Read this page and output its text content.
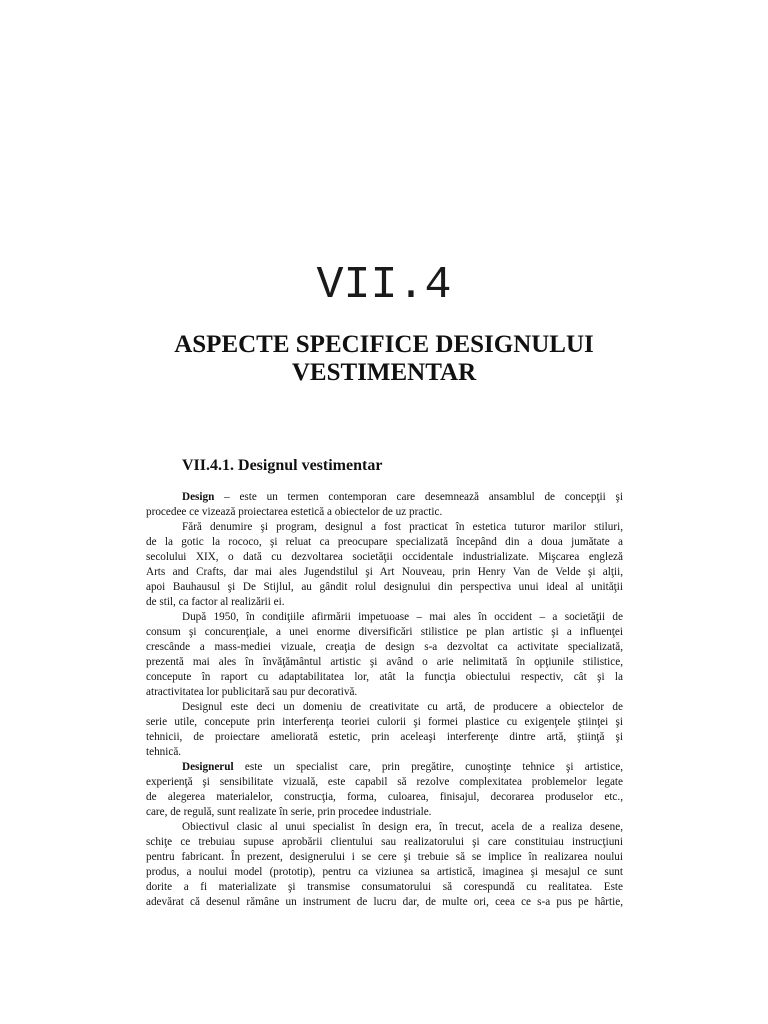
VII.4
ASPECTE SPECIFICE DESIGNULUI
VESTIMENTAR
VII.4.1. Designul vestimentar
Design – este un termen contemporan care desemnează ansamblul de concepţii şi
procedee ce vizează proiectarea estetică a obiectelor de uz practic.
Fără denumire şi program, designul a fost practicat în estetica tuturor marilor stiluri,
de la gotic la rococo, şi reluat ca preocupare specializată începând din a doua jumătate a
secolului XIX, o dată cu dezvoltarea societăţii occidentale industrializate. Mişcarea engleză
Arts and Crafts, dar mai ales Jugendstilul şi Art Nouveau, prin Henry Van de Velde şi alţii,
apoi Bauhausul şi De Stijlul, au gândit rolul designului din perspectiva unui ideal al unităţii
de stil, ca factor al realizării ei.
După 1950, în condiţiile afirmării impetuoase – mai ales în occident – a societăţii de
consum şi concurenţiale, a unei enorme diversificări stilistice pe plan artistic şi a influenţei
crescânde a mass-mediei vizuale, creaţia de design s-a dezvoltat ca activitate specializată,
prezentă mai ales în învăţământul artistic şi având o arie nelimitată în opţiunile stilistice,
concepute în raport cu adaptabilitatea lor, atât la funcţia obiectului respectiv, cât şi la
atractivitatea lor publicitară sau pur decorativă.
Designul este deci un domeniu de creativitate cu artă, de producere a obiectelor de
serie utile, concepute prin interferenţa teoriei culorii şi formei plastice cu exigenţele ştiinţei şi
tehnicii, de proiectare ameliorată estetic, prin aceleaşi interferenţe dintre artă, ştiinţă şi
tehnică.
Designerul este un specialist care, prin pregătire, cunoştinţe tehnice şi artistice,
experienţă şi sensibilitate vizuală, este capabil să rezolve complexitatea problemelor legate
de alegerea materialelor, construcţia, forma, culoarea, finisajul, decorarea produselor etc.,
care, de regulă, sunt realizate în serie, prin procedee industriale.
Obiectivul clasic al unui specialist în design era, în trecut, acela de a realiza desene,
schiţe ce trebuiau supuse aprobării clientului sau realizatorului şi care constituiau instrucţiuni
pentru fabricant. În prezent, designerului i se cere şi trebuie să se implice în realizarea noului
produs, a noului model (prototip), pentru ca viziunea sa artistică, imaginea şi mesajul ce sunt
dorite a fi materializate şi transmise consumatorului să corespundă cu realitatea. Este
adevărat că desenul rămâne un instrument de lucru dar, de multe ori, ceea ce s-a pus pe hârtie,
